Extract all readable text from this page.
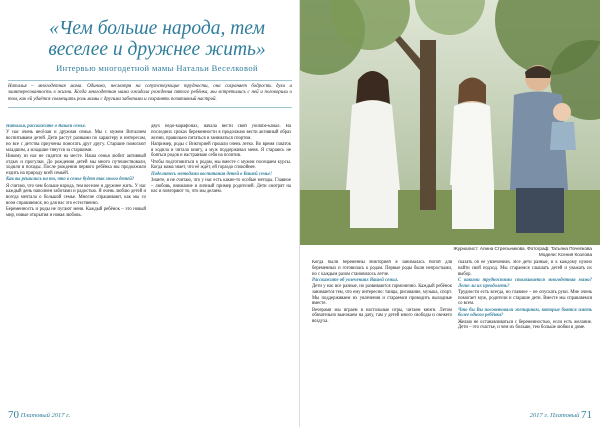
«Чем больше народа, тем веселее и дружнее жить»
Интервью многодетной мамы Натальи Веселковой

Наталья – многодетная мама. Одиноко, несмотря на сопутствующие трудности, она сохраняет бодрость духа и заинтересованность в жизни. Когда многодетная мама ожидала рождения пятого ребёнка, мы встретились с ней и поговорили о том, как ей удаётся совмещать роль мамы с другими заботами и сохранять позитивный настрой.

Наталья, расскажите о Вашей семье.

У нас очень весёлая и дружная семья. Мы с мужем Виталием воспитываем детей. Дети растут разными по характеру и интересам, но все с детства приучены помогать друг другу. Старшие помогают младшим, а младшие тянутся за старшими.

Никому из нас не сидится на месте. Наша семья любит активный отдых и прогулки. До рождения детей мы много путешествовали, ходили в походы. После рождения первого ребёнка мы продолжили ездить на природу всей семьёй.

Как вы решились на то, что в семье будет так много детей?

Я считаю, что чем больше народа, тем веселее и дружнее жить. У нас каждый день наполнен заботами и радостью. Я очень люблю детей и всегда мечтала о большой семье. Многие спрашивают, как мы со всем справляемся, но для нас это естественно.

Беременность и роды не пугают меня. Каждый ребёнок – это новый мир, новые открытия и новая любовь.

двух недо-марафонах, начала вести свой youtube-канал. На последних сроках беременности я продолжаю вести активный образ жизни, правильно питаться и заниматься спортом.

Например, роды с Викторией прошли очень легко. Во время схваток я ходила и читала книгу, а муж поддерживал меня. Я стараюсь не бояться родов и настраиваю себя на позитив.

Чтобы подготовиться к родам, мы вместе с мужем посещаем курсы. Когда мама знает, что её ждёт, ей гораздо спокойнее.

Поделитесь методами воспитания детей в Вашей семье!

Знаете, я не считаю, что у нас есть какие-то особые методы. Главное – любовь, внимание и личный пример родителей. Дети смотрят на нас и повторяют то, что мы делаем.

70 Платовый 2017 г.	2017 г. Платовый 71
Журналист: Алина Стрельникова. Фотограф: Татьяна Почепкова
Модели: Ксения Козлова

Когда были беременны Викторией я занималась йогой для беременных и готовилась к родам. Первые роды были непростыми, но с каждым разом становилось легче.

Расскажите об увлечениях Вашей семьи.

Дети у нас все разные, но развиваются гармонично. Каждый ребёнок занимается тем, что ему интересно: танцы, рисование, музыка, спорт. Мы поддерживаем их увлечения и стараемся проводить выходные вместе.

Вечерами мы играем в настольные игры, читаем книги. Летом обязательно выезжаем на дачу, там у детей много свободы и свежего воздуха.

сказать об её увлечениях. Все дети разные, и к каждому нужно найти свой подход. Мы стараемся слышать детей и уважать их выбор.

С какими трудностями сталкивается многодетная мама? Легко ли их преодолеть?

Трудности есть всегда, но главное – не опускать руки. Мне очень помогает муж, родители и старшие дети. Вместе мы справляемся со всем.

Что бы Вы посоветовали женщинам, которые боятся иметь более одного ребёнка?

Желаю не останавливаться с беременностью, если есть желание. Дети – это счастье, и чем их больше, тем больше любви в доме.
